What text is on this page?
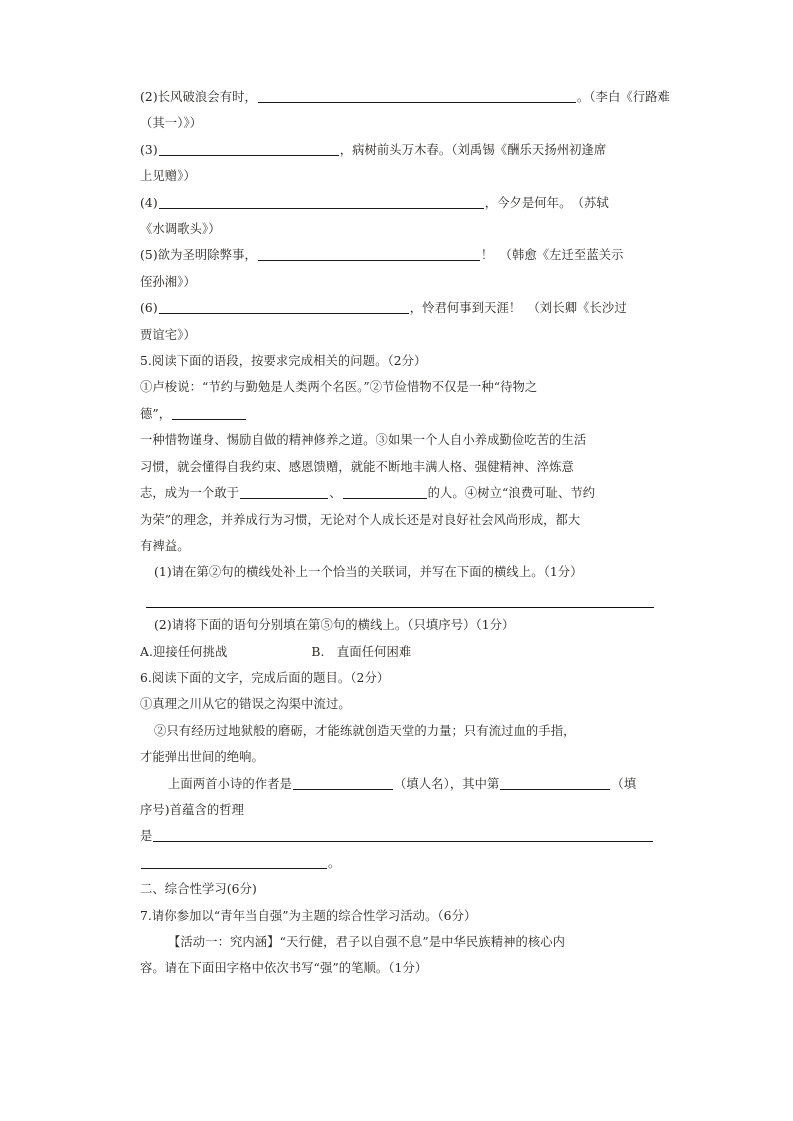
(2)长风破浪会有时，	。（李白《行路难
（其一）》）
(3)	，病树前头万木春。（刘禹锡《酬乐天扬州初逢席
上见赠》）
(4)	，今夕是何年。　（苏轼
《水调歌头》）
(5)欲为圣明除弊事，	！　（韩愈《左迁至蓝关示
侄孙湘》）
(6)	，怜君何事到天涯！　（刘长卿《长沙过
贾谊宅》）
5.阅读下面的语段，按要求完成相关的问题。（2分）
①卢梭说：“节约与勤勉是人类两个名医。”②节俭惜物不仅是一种“待物之
德”，
一种惜物谨身、惕励自做的精神修养之道。③如果一个人自小养成勤俭吃苦的生活
习惯，就会懂得自我约束、感恩馈赠，就能不断地丰满人格、强健精神、淬炼意
志，成为一个敢于	、	的人。④树立“浪费可耻、节约
为荣”的理念，并养成行为习惯，无论对个人成长还是对良好社会风尚形成，都大
有裨益。
(1)请在第②句的横线处补上一个恰当的关联词，并写在下面的横线上。（1分）
(2)请将下面的语句分别填在第⑤句的横线上。（只填序号）（1分）
A.迎接任何挑战	B.　直面任何困难
6.阅读下面的文字，完成后面的题目。（2分）
①真理之川从它的错误之沟渠中流过。
②只有经历过地狱般的磨砺，才能练就创造天堂的力量；只有流过血的手指，
才能弹出世间的绝响。
上面两首小诗的作者是	（填人名），其中第	（填
序号)首蕴含的哲理
是
。
二、综合性学习(6分)
7.请你参加以“青年当自强”为主题的综合性学习活动。（6分）
【活动一：究内涵】“天行健，君子以自强不息”是中华民族精神的核心内
容。请在下面田字格中依次书写“强”的笔顺。（1分）
